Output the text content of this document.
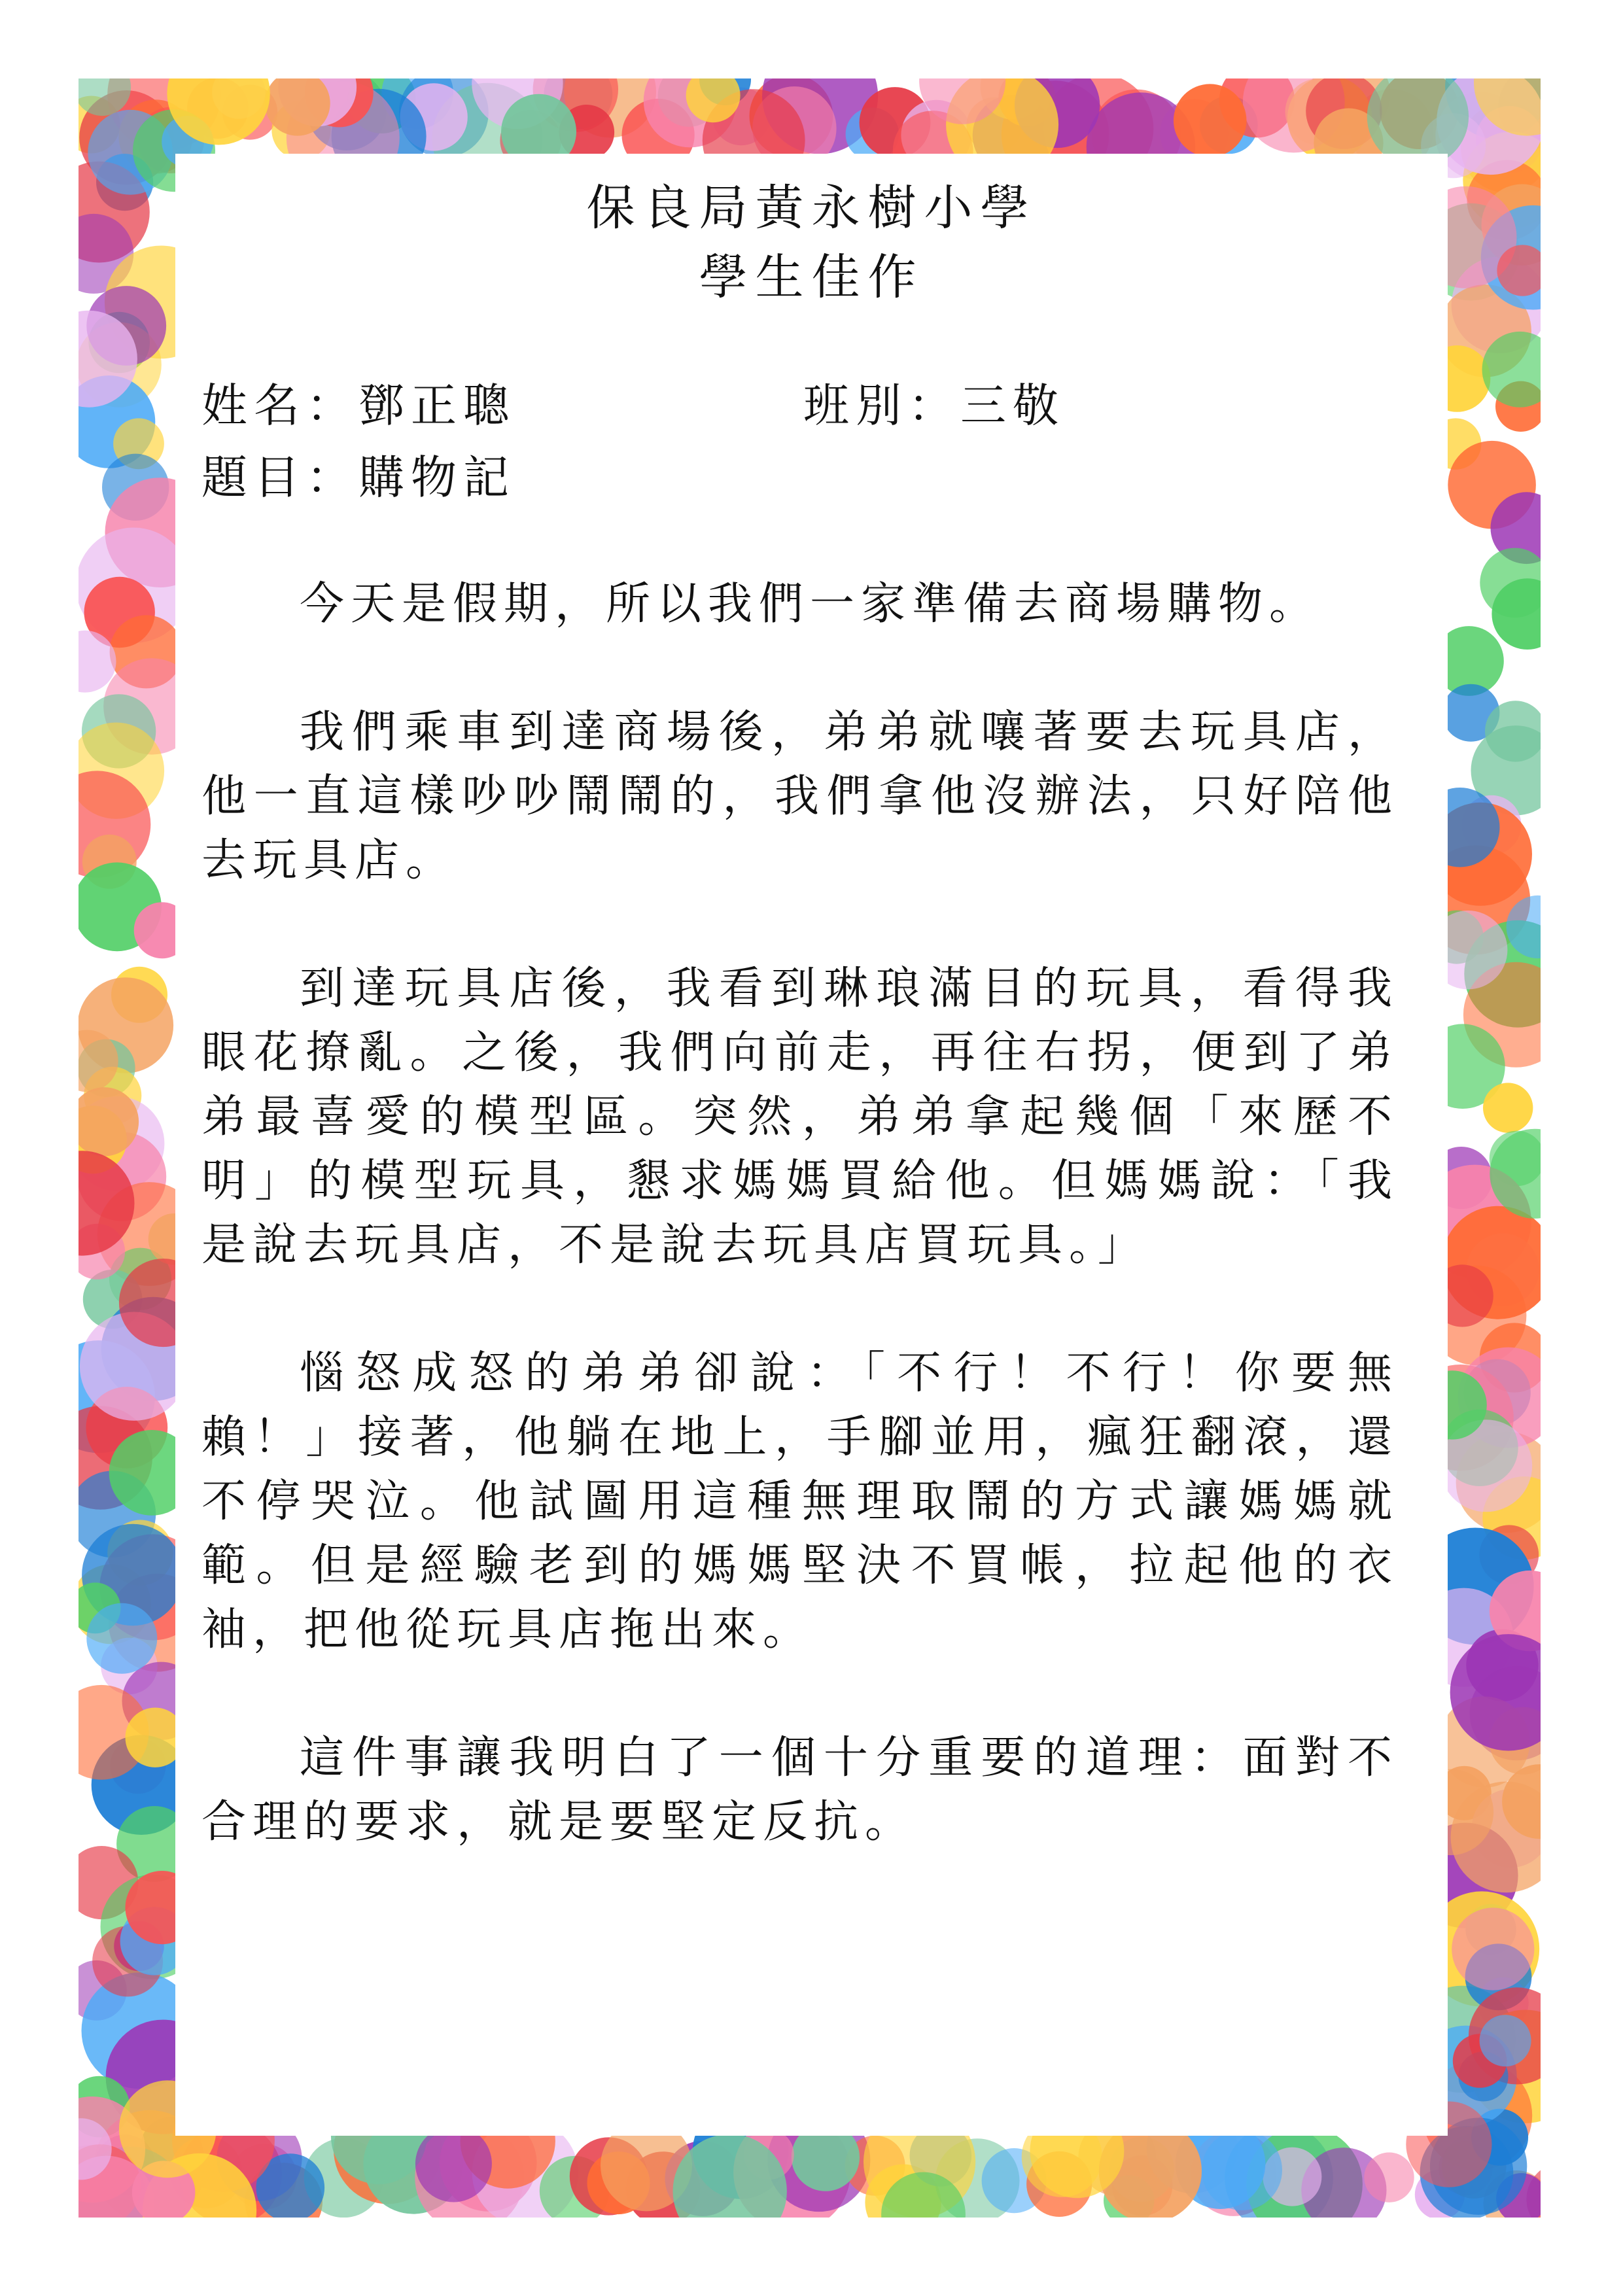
保良局黃永樹小學
學生佳作
姓名：鄧正聰	班別：三敬
題目：購物記

今天是假期，所以我們一家準備去商場購物。

我們乘車到達商場後，弟弟就嚷著要去玩具店，他一直這樣吵吵鬧鬧的，我們拿他沒辦法，只好陪他去玩具店。

到達玩具店後，我看到琳琅滿目的玩具，看得我眼花撩亂。之後，我們向前走，再往右拐，便到了弟弟最喜愛的模型區。突然，弟弟拿起幾個「來歷不明」的模型玩具，懇求媽媽買給他。但媽媽說：「我是說去玩具店，不是說去玩具店買玩具。」

惱怒成怒的弟弟卻說：「不行！不行！你要無賴！」接著，他躺在地上，手腳並用，瘋狂翻滾，還不停哭泣。他試圖用這種無理取鬧的方式讓媽媽就範。但是經驗老到的媽媽堅決不買帳，拉起他的衣袖，把他從玩具店拖出來。

這件事讓我明白了一個十分重要的道理：面對不合理的要求，就是要堅定反抗。
